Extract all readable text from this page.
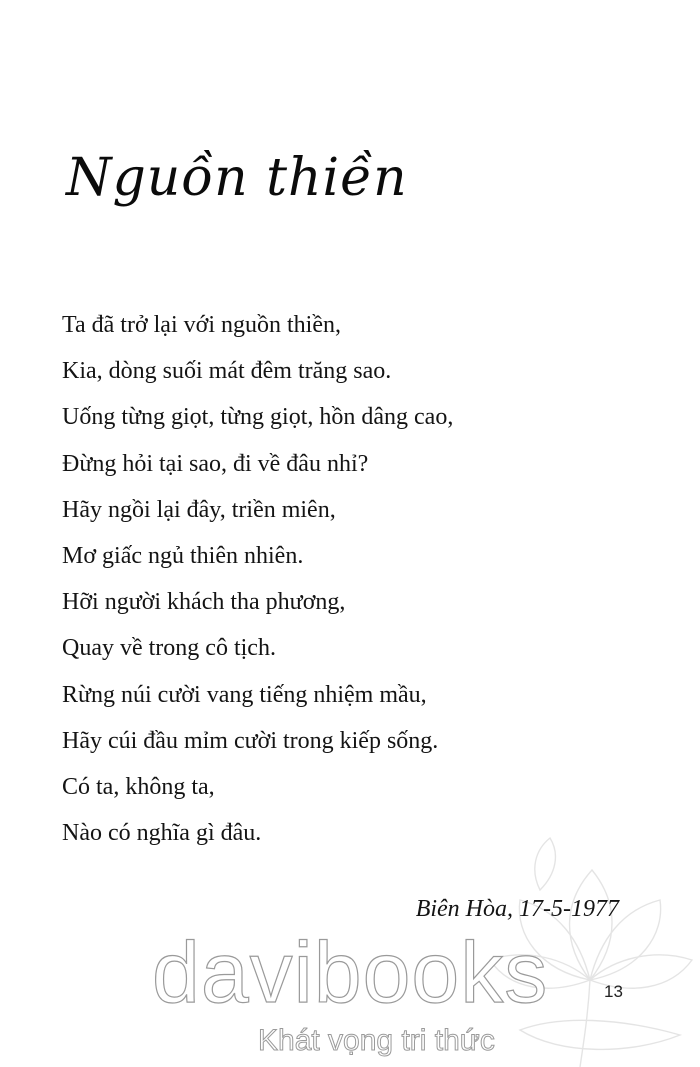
Nguồn thiền
Ta đã trở lại với nguồn thiền,
Kia, dòng suối mát đêm trăng sao.
Uống từng giọt, từng giọt, hồn dâng cao,
Đừng hỏi tại sao, đi về đâu nhỉ?
Hãy ngồi lại đây, triền miên,
Mơ giấc ngủ thiên nhiên.
Hỡi người khách tha phương,
Quay về trong cô tịch.
Rừng núi cười vang tiếng nhiệm mầu,
Hãy cúi đầu mỉm cười trong kiếp sống.
Có ta, không ta,
Nào có nghĩa gì đâu.
Biên Hòa, 17-5-1977
davibooks
Khát vọng tri thức
13
